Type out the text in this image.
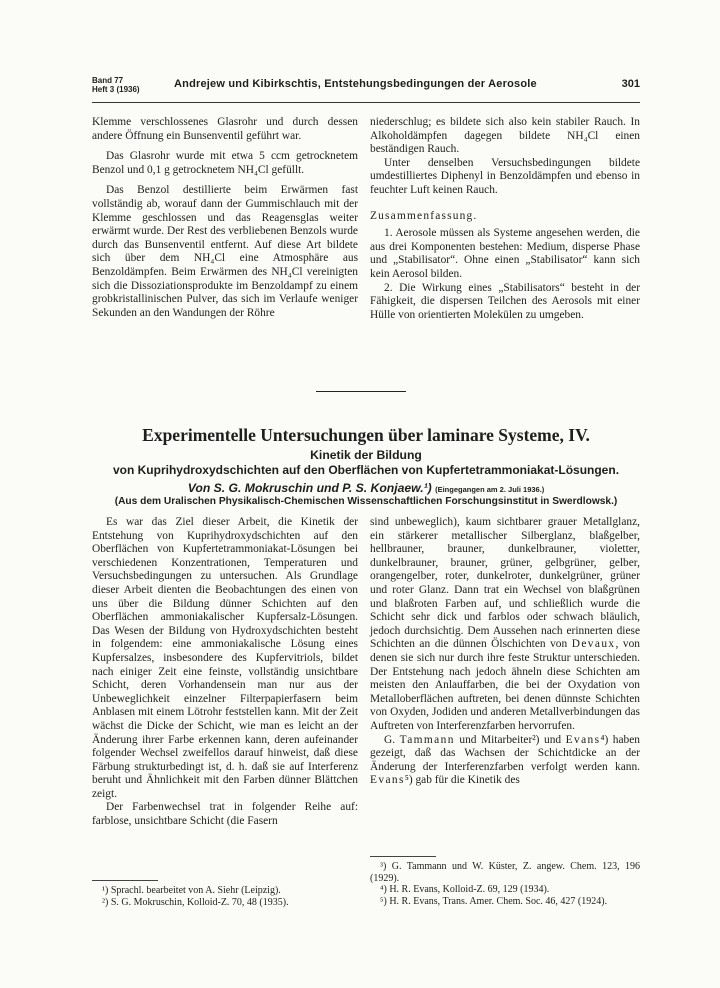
Band 77
Heft 3 (1936)	Andrejew und Kibirkschtis, Entstehungsbedingungen der Aerosole	301

Klemme verschlossenes Glasrohr und durch dessen andere Öffnung ein Bunsenventil geführt war.

Das Glasrohr wurde mit etwa 5 ccm getrocknetem Benzol und 0,1 g getrocknetem NH₄Cl gefüllt.

Das Benzol destillierte beim Erwärmen fast vollständig ab, worauf dann der Gummischlauch mit der Klemme geschlossen und das Reagensglas weiter erwärmt wurde. Der Rest des verbliebenen Benzols wurde durch das Bunsenventil entfernt. Auf diese Art bildete sich über dem NH₄Cl eine Atmosphäre aus Benzoldämpfen. Beim Erwärmen des NH₄Cl vereinigten sich die Dissoziationsprodukte im Benzoldampf zu einem grobkristallinischen Pulver, das sich im Verlaufe weniger Sekunden an den Wandungen der Röhre

niederschlug; es bildete sich also kein stabiler Rauch. In Alkoholdämpfen dagegen bildete NH₄Cl einen beständigen Rauch.

Unter denselben Versuchsbedingungen bildete umdestilliertes Diphenyl in Benzoldämpfen und ebenso in feuchter Luft keinen Rauch.

Zusammenfassung.

1. Aerosole müssen als Systeme angesehen werden, die aus drei Komponenten bestehen: Medium, disperse Phase und „Stabilisator“. Ohne einen „Stabilisator“ kann sich kein Aerosol bilden.

2. Die Wirkung eines „Stabilisators“ besteht in der Fähigkeit, die dispersen Teilchen des Aerosols mit einer Hülle von orientierten Molekülen zu umgeben.

Experimentelle Untersuchungen über laminare Systeme, IV.
Kinetik der Bildung
von Kuprihydroxydschichten auf den Oberflächen von Kupfertetrammoniakat-Lösungen.
Von S. G. Mokruschin und P. S. Konjaew.¹) (Eingegangen am 2. Juli 1936.)
(Aus dem Uralischen Physikalisch-Chemischen Wissenschaftlichen Forschungsinstitut in Swerdlowsk.)

Es war das Ziel dieser Arbeit, die Kinetik der Entstehung von Kuprihydroxydschichten auf den Oberflächen von Kupfertetrammoniakat-Lösungen bei verschiedenen Konzentrationen, Temperaturen und Versuchsbedingungen zu untersuchen. Als Grundlage dieser Arbeit dienten die Beobachtungen des einen von uns über die Bildung dünner Schichten auf den Oberflächen ammoniakalischer Kupfersalz-Lösungen. Das Wesen der Bildung von Hydroxydschichten besteht in folgendem: eine ammoniakalische Lösung eines Kupfersalzes, insbesondere des Kupfervitriols, bildet nach einiger Zeit eine feinste, vollständig unsichtbare Schicht, deren Vorhandensein man nur aus der Unbeweglichkeit einzelner Filterpapierfasern beim Anblasen mit einem Lötrohr feststellen kann. Mit der Zeit wächst die Dicke der Schicht, wie man es leicht an der Änderung ihrer Farbe erkennen kann, deren aufeinander folgender Wechsel zweifellos darauf hinweist, daß diese Färbung strukturbedingt ist, d. h. daß sie auf Interferenz beruht und Ähnlichkeit mit den Farben dünner Blättchen zeigt.

Der Farbenwechsel trat in folgender Reihe auf: farblose, unsichtbare Schicht (die Fasern

sind unbeweglich), kaum sichtbarer grauer Metallglanz, ein stärkerer metallischer Silberglanz, blaßgelber, hellbrauner, brauner, dunkelbrauner, violetter, dunkelbrauner, brauner, grüner, gelbgrüner, gelber, orangengelber, roter, dunkelroter, dunkelgrüner, grüner und roter Glanz. Dann trat ein Wechsel von blaßgrünen und blaßroten Farben auf, und schließlich wurde die Schicht sehr dick und farblos oder schwach bläulich, jedoch durchsichtig. Dem Aussehen nach erinnerten diese Schichten an die dünnen Ölschichten von Devaux, von denen sie sich nur durch ihre feste Struktur unterschieden. Der Entstehung nach jedoch ähneln diese Schichten am meisten den Anlauffarben, die bei der Oxydation von Metalloberflächen auftreten, bei denen dünnste Schichten von Oxyden, Jodiden und anderen Metallverbindungen das Auftreten von Interferenzfarben hervorrufen.

G. Tammann und Mitarbeiter²) und Evans⁴) haben gezeigt, daß das Wachsen der Schichtdicke an der Änderung der Interferenzfarben verfolgt werden kann. Evans⁵) gab für die Kinetik des

¹) Sprachl. bearbeitet von A. Siehr (Leipzig).

²) S. G. Mokruschin, Kolloid-Z. 70, 48 (1935).

³) G. Tammann und W. Küster, Z. angew. Chem. 123, 196 (1929).

⁴) H. R. Evans, Kolloid-Z. 69, 129 (1934).

⁵) H. R. Evans, Trans. Amer. Chem. Soc. 46, 427 (1924).
